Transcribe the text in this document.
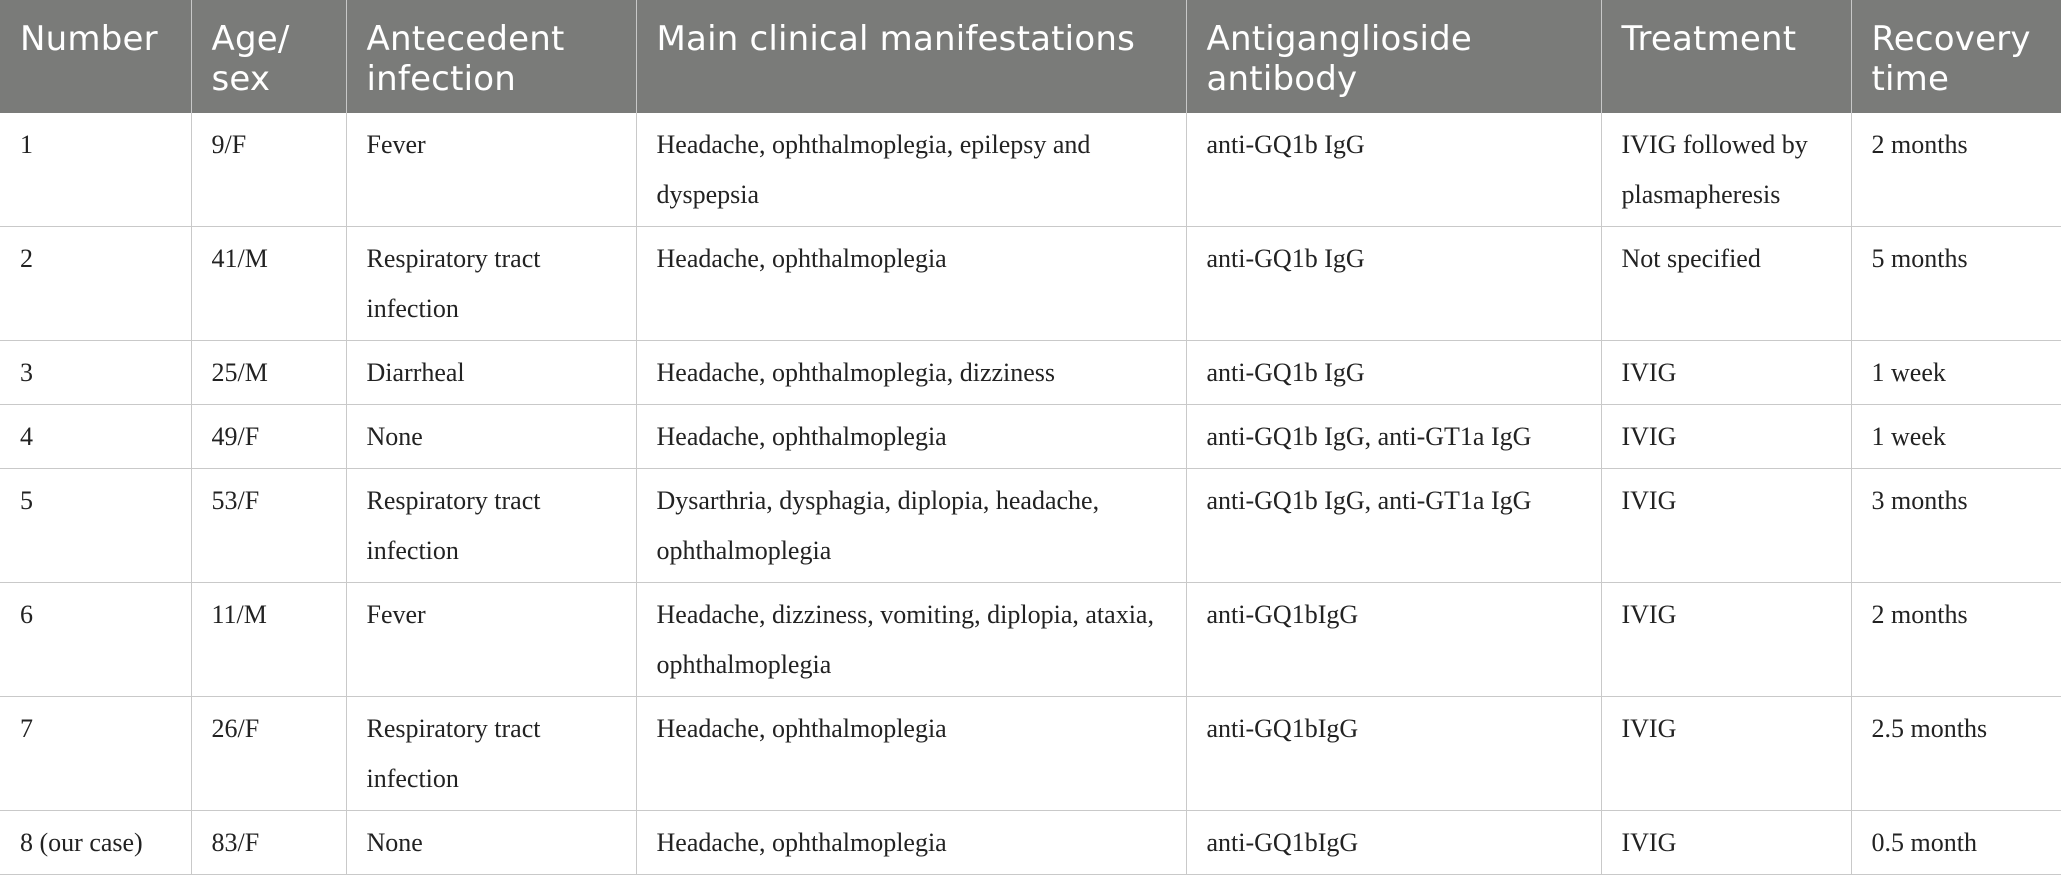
Number	Age/ sex	Antecedent infection	Main clinical manifestations	Antiganglioside antibody	Treatment	Recovery time
1	9/F	Fever	Headache, ophthalmoplegia, epilepsy and dyspepsia	anti-GQ1b IgG	IVIG followed by plasmapheresis	2 months
2	41/M	Respiratory tract infection	Headache, ophthalmoplegia	anti-GQ1b IgG	Not specified	5 months
3	25/M	Diarrheal	Headache, ophthalmoplegia, dizziness	anti-GQ1b IgG	IVIG	1 week
4	49/F	None	Headache, ophthalmoplegia	anti-GQ1b IgG, anti-GT1a IgG	IVIG	1 week
5	53/F	Respiratory tract infection	Dysarthria, dysphagia, diplopia, headache, ophthalmoplegia	anti-GQ1b IgG, anti-GT1a IgG	IVIG	3 months
6	11/M	Fever	Headache, dizziness, vomiting, diplopia, ataxia, ophthalmoplegia	anti-GQ1bIgG	IVIG	2 months
7	26/F	Respiratory tract infection	Headache, ophthalmoplegia	anti-GQ1bIgG	IVIG	2.5 months
8 (our case)	83/F	None	Headache, ophthalmoplegia	anti-GQ1bIgG	IVIG	0.5 month
